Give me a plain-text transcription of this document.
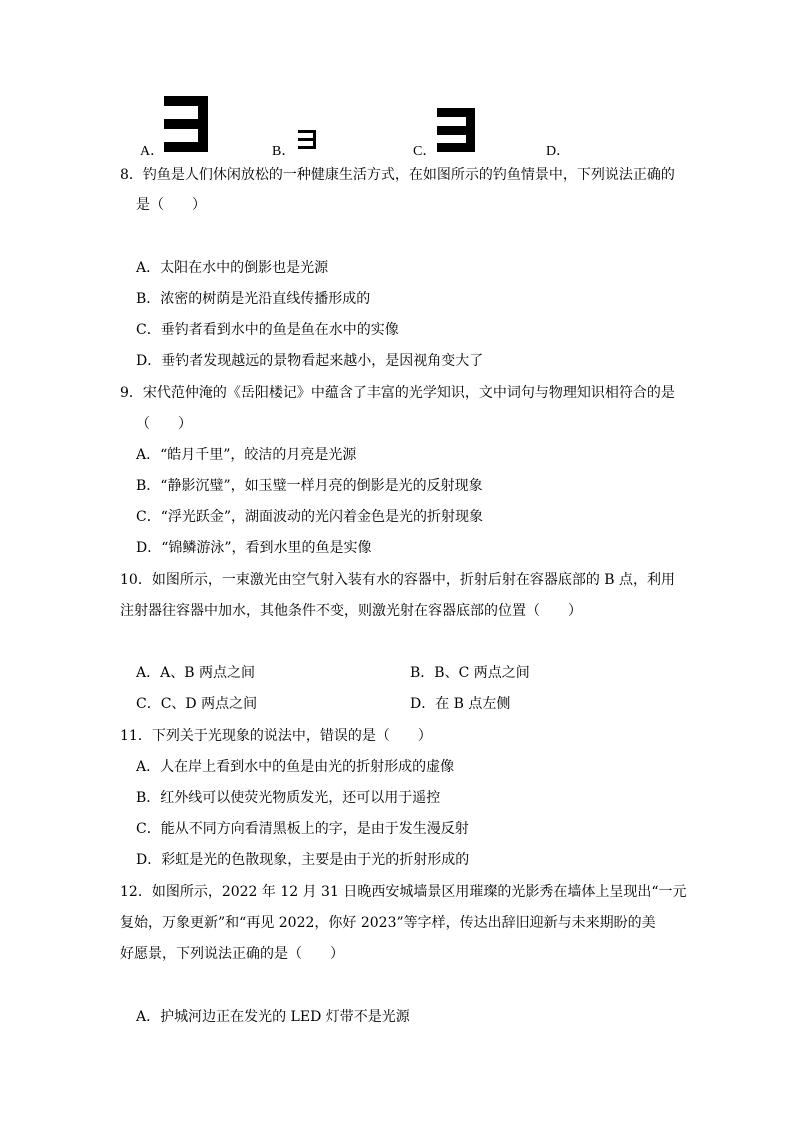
A．	B．	C．	D．
8．钓鱼是人们休闲放松的一种健康生活方式，在如图所示的钓鱼情景中，下列说法正确的
是（　　）
A．太阳在水中的倒影也是光源
B．浓密的树荫是光沿直线传播形成的
C．垂钓者看到水中的鱼是鱼在水中的实像
D．垂钓者发现越远的景物看起来越小，是因视角变大了
9．宋代范仲淹的《岳阳楼记》中蕴含了丰富的光学知识，文中词句与物理知识相符合的是
（　　）
A．“皓月千里”，皎洁的月亮是光源
B．“静影沉璧”，如玉璧一样月亮的倒影是光的反射现象
C．“浮光跃金”，湖面波动的光闪着金色是光的折射现象
D．“锦鳞游泳”，看到水里的鱼是实像
10．如图所示，一束激光由空气射入装有水的容器中，折射后射在容器底部的 B 点，利用
注射器往容器中加水，其他条件不变，则激光射在容器底部的位置（　　）
A．A、B 两点之间	B．B、C 两点之间
C．C、D 两点之间	D．在 B 点左侧
11．下列关于光现象的说法中，错误的是（　　）
A．人在岸上看到水中的鱼是由光的折射形成的虚像
B．红外线可以使荧光物质发光，还可以用于遥控
C．能从不同方向看清黑板上的字，是由于发生漫反射
D．彩虹是光的色散现象，主要是由于光的折射形成的
12．如图所示，2022 年 12 月 31 日晚西安城墙景区用璀璨的光影秀在墙体上呈现出“一元
复始，万象更新”和“再见 2022，你好 2023”等字样，传达出辞旧迎新与未来期盼的美
好愿景，下列说法正确的是（　　）
A．护城河边正在发光的 LED 灯带不是光源
